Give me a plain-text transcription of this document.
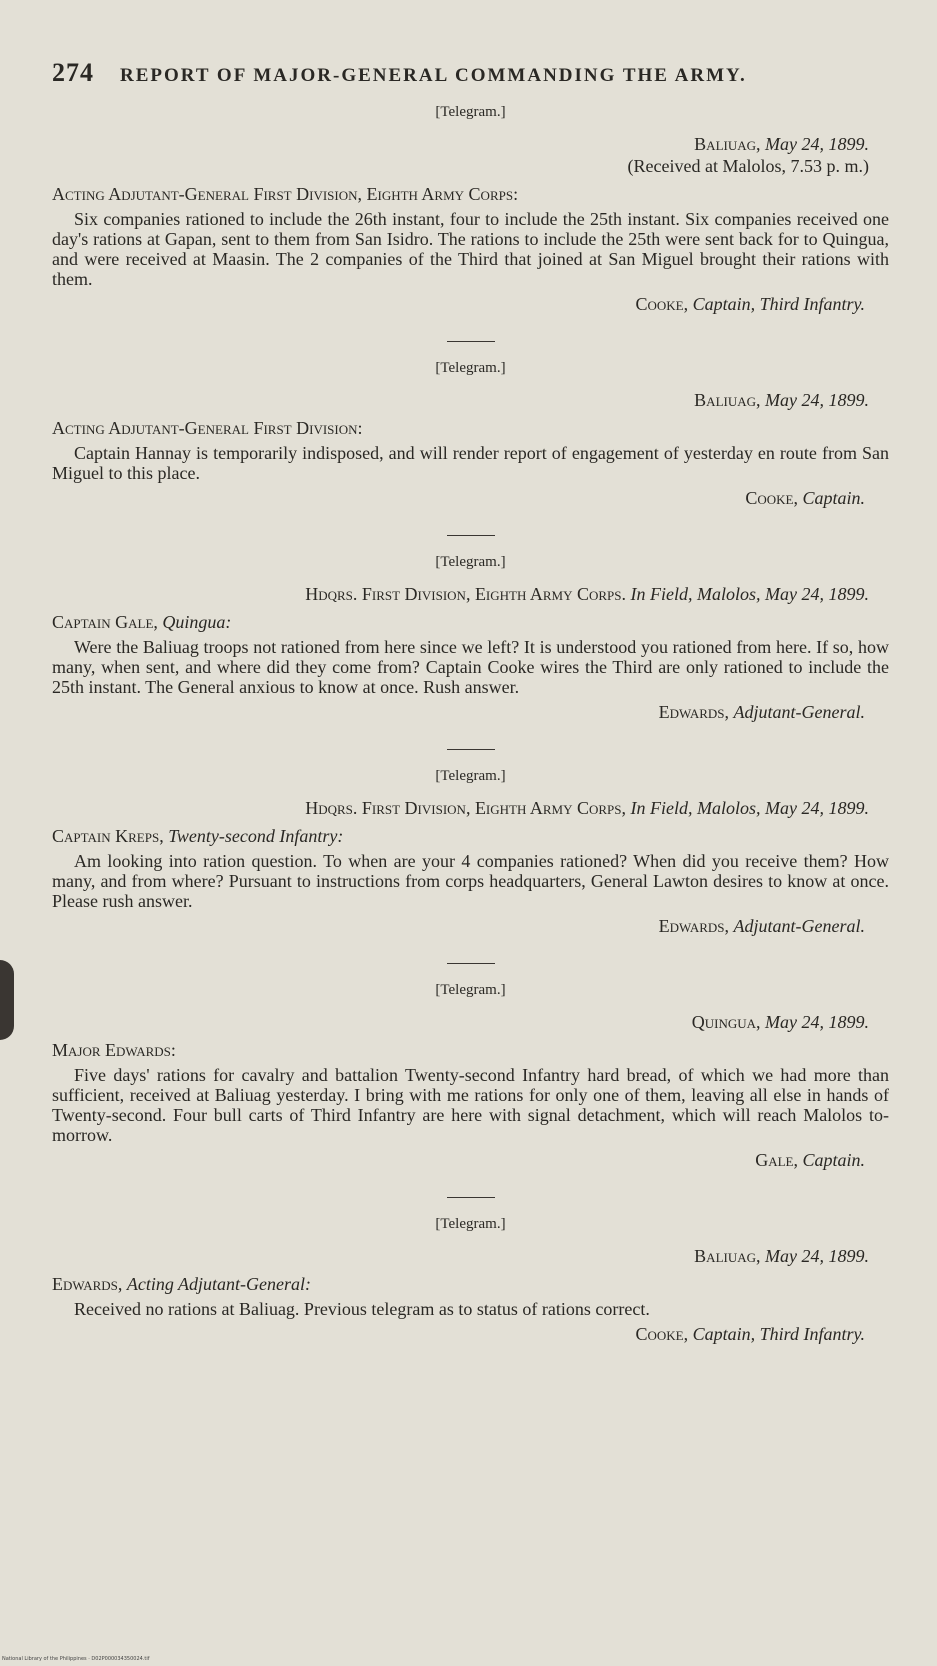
274 REPORT OF MAJOR-GENERAL COMMANDING THE ARMY.
[Telegram.]
Baliuag, May 24, 1899.
(Received at Malolos, 7.53 p. m.)
Acting Adjutant-General First Division, Eighth Army Corps:
Six companies rationed to include the 26th instant, four to include the 25th instant. Six companies received one day's rations at Gapan, sent to them from San Isidro. The rations to include the 25th were sent back for to Quingua, and were received at Maasin. The 2 companies of the Third that joined at San Miguel brought their rations with them.
Cooke, Captain, Third Infantry.
[Telegram.]
Baliuag, May 24, 1899.
Acting Adjutant-General First Division:
Captain Hannay is temporarily indisposed, and will render report of engagement of yesterday en route from San Miguel to this place.
Cooke, Captain.
[Telegram.]
Hdqrs. First Division, Eighth Army Corps. In Field, Malolos, May 24, 1899.
Captain Gale, Quingua:
Were the Baliuag troops not rationed from here since we left? It is understood you rationed from here. If so, how many, when sent, and where did they come from? Captain Cooke wires the Third are only rationed to include the 25th instant. The General anxious to know at once. Rush answer.
Edwards, Adjutant-General.
[Telegram.]
Hdqrs. First Division, Eighth Army Corps, In Field, Malolos, May 24, 1899.
Captain Kreps, Twenty-second Infantry:
Am looking into ration question. To when are your 4 companies rationed? When did you receive them? How many, and from where? Pursuant to instructions from corps headquarters, General Lawton desires to know at once. Please rush answer.
Edwards, Adjutant-General.
[Telegram.]
Quingua, May 24, 1899.
Major Edwards:
Five days' rations for cavalry and battalion Twenty-second Infantry hard bread, of which we had more than sufficient, received at Baliuag yesterday. I bring with me rations for only one of them, leaving all else in hands of Twenty-second. Four bull carts of Third Infantry are here with signal detachment, which will reach Malolos to-morrow.
Gale, Captain.
[Telegram.]
Baliuag, May 24, 1899.
Edwards, Acting Adjutant-General:
Received no rations at Baliuag. Previous telegram as to status of rations correct.
Cooke, Captain, Third Infantry.
National Library of the Philippines · D02P000034350024.tif
